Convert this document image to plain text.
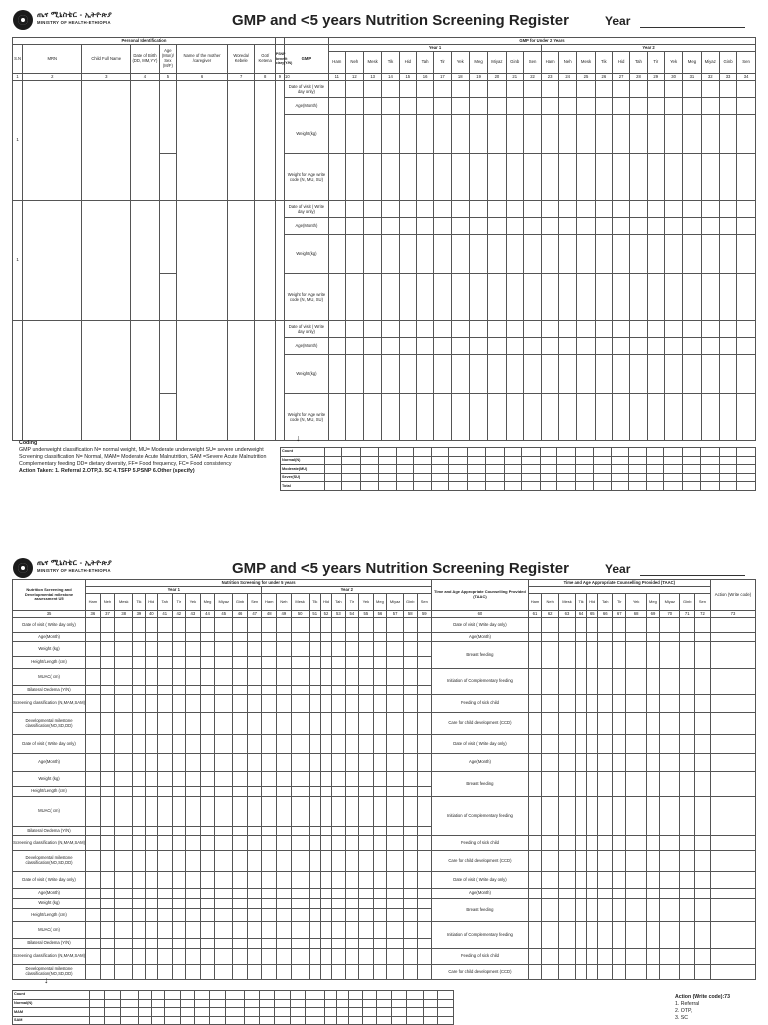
ጤና ሚኒስቴር - ኢትዮጵያ
MINISTRY OF HEALTH-ETHIOPIA	GMP and <5 years Nutrition Screening Register	Year
Personal Identification										GMP for Under 2 Years																							
S.N	MRN	Child Full Name	Date of Birth (DD, MM,YY)	Age (Mon)/ Sex (M/F)	Name of the mother /caregiver	Woreda/ Kebele	Got/ Ketena	PSNP benefit ciary(Y/N)	GMP	Year 1												Year 2											
										Ham	Neh	Mesk	Tik	Hid	Tah	Tir	Yek	Meg	Miyaz	Ginb	Sen	Ham	Neh	Mesk	Tik	Hid	Tah	Tir	Yek	Meg	Miyaz	Ginb	Sen
1	2	3	4	5	6	7	8	9	10	11	12	13	14	15	16	17	18	19	20	21	22	23	24	25	26	27	28	29	30	31	32	33	34
1									Date of visit ( Write day only)																								
									Age(Month)																								
									Weight(kg)																								
									Weight for Age write code (N, MU, SU)																								
1									Date of visit ( Write day only)																								
									Age(Month)																								
									Weight(kg)																								
									Weight for Age write code (N, MU, SU)																								
									Date of visit ( Write day only)																								
									Age(Month)																								
									Weight(kg)																								
									Weight for Age write code (N, MU, SU)																								

Coding

GMP underweight classification N= normal weight, MU= Moderate underweight SU= severe underweight

Screening classification N= Normal, MAM= Moderate Acute Malnutrition, SAM =Severe Acute Malnutrition

Complementary feeding DD= dietary diversity, FF= Food frequency, FC= Food consistency

Action Taken: 1. Referral 2.OTP,3. SC 4.TSFP 5.PSNP 6.Other (specify)

↓
Count																								
Normal(N)																								
Moderate(MU)																								
Sever(SU)																								
Total																								
ጤና ሚኒስቴር - ኢትዮጵያ
MINISTRY OF HEALTH-ETHIOPIA	GMP and <5 years Nutrition Screening Register	Year
Nutrition Screening and Developmental milestone assessment U5	Nutrition Screening for under 5 years																								Time and Age Appropriate Counselling Provided (TAAC)	Time and Age Appropriate Counselling Provided (TAAC)												Action (Write code)
	Year 1												Year 2																									
	Ham	Neh	Mesk	Tik	Hid	Tah	Tir	Yek	Meg	Miyaz	Ginb	Sen	Ham	Neh	Mesk	Tik	Hid	Tah	Tir	Yek	Meg	Miyaz	Ginb	Sen		Ham	Neh	Mesk	Tik	Hid	Tah	Tir	Yek	Meg	Miyaz	Ginb	Sen	
35	36	37	38	39	40	41	42	43	44	45	46	47	48	49	50	51	52	53	54	55	56	57	58	59	60	61	62	63	64	65	66	67	68	69	70	71	72	73
Date of visit ( Write day only)																									Date of visit ( Write day only)													
Age(Month)																									Age(Month)													
Weight (kg)																									Breast feeding													
Height/Length (cm)																																						
MUAC( cm)																									Initiation of Complementary feeding													
Bilateral Oedema (Y/N)																																						
Screening classification (N,MAM,SAM)																									Feeding of sick child													
Developmental milestone classification(NO,SD,DD)																									Care for child development (CCD)													
Date of visit ( Write day only)																									Date of visit ( Write day only)													
Age(Month)																									Age(Month)													
Weight (kg)																									Breast feeding													
Height/Length (cm)																																						
MUAC( cm)																									Initiation of Complementary feeding													
Bilateral Oedema (Y/N)																																						
Screening classification (N,MAM,SAM)																									Feeding of sick child													
Developmental milestone classification(NO,SD,DD)																									Care for child development (CCD)													
Date of visit ( Write day only)																									Date of visit ( Write day only)													
Age(Month)																									Age(Month)													
Weight (kg)																									Breast feeding													
Height/Length (cm)																																						
MUAC( cm)																									Initiation of Complementary feeding													
Bilateral Oedema (Y/N)																																						
Screening classification (N,MAM,SAM)																									Feeding of sick child													
Developmental milestone classification(NO,SD,DD)																									Care for child development (CCD)													
↓
Count																								
Normal(N)																								
MAM																								
SAM																								
Action (Write code):73
1. Referral
2. OTP,
3. SC
